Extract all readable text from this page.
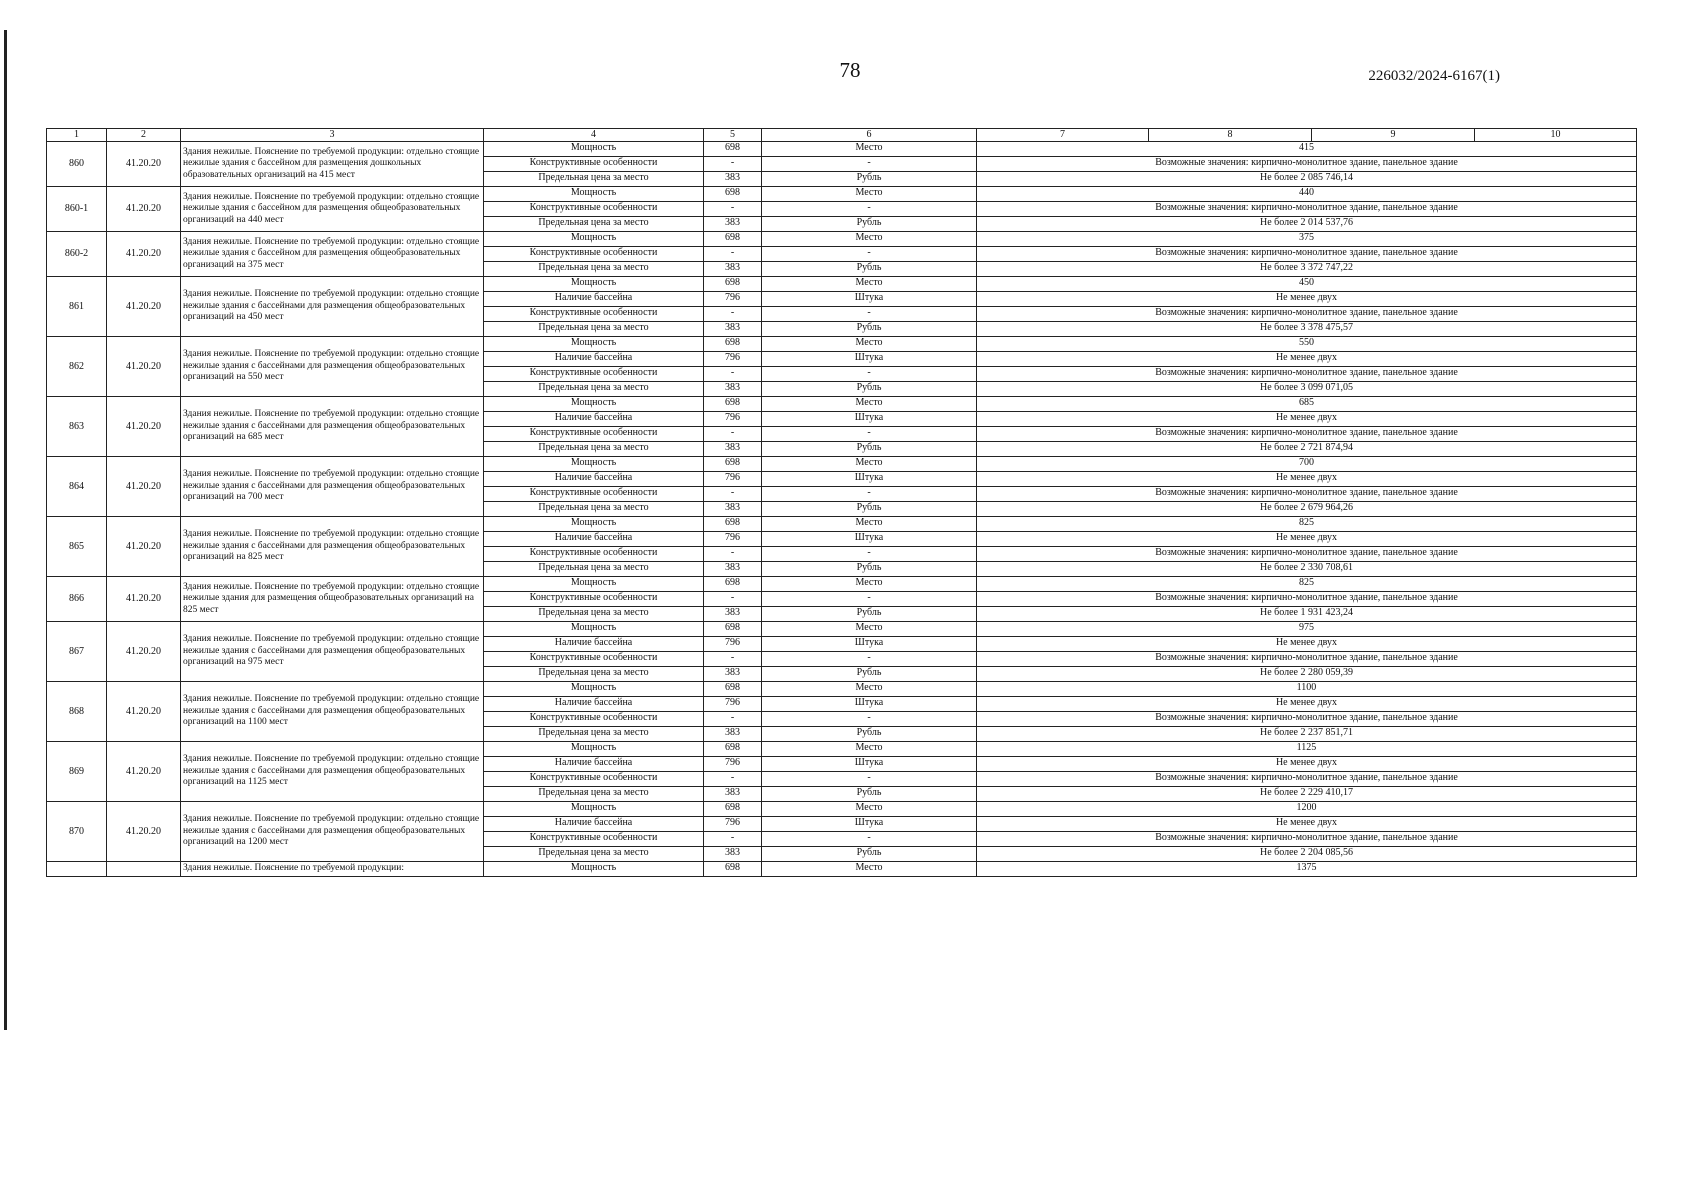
78	226032/2024-6167(1)
1	2	3	4	5	6	7	8	9	10
860	41.20.20	Здания нежилые. Пояснение по требуемой продукции: отдельно стоящие нежилые здания с бассейном для размещения дошкольных образовательных организаций на 415 мест	Мощность	698	Место	415			
			Конструктивные особенности	-	-	Возможные значения: кирпично-монолитное здание, панельное здание			
			Предельная цена за место	383	Рубль	Не более 2 085 746,14			
860-1	41.20.20	Здания нежилые. Пояснение по требуемой продукции: отдельно стоящие нежилые здания с бассейном для размещения общеобразовательных организаций на 440 мест	Мощность	698	Место	440			
			Конструктивные особенности	-	-	Возможные значения: кирпично-монолитное здание, панельное здание			
			Предельная цена за место	383	Рубль	Не более 2 014 537,76			
860-2	41.20.20	Здания нежилые. Пояснение по требуемой продукции: отдельно стоящие нежилые здания с бассейном для размещения общеобразовательных организаций на 375 мест	Мощность	698	Место	375			
			Конструктивные особенности	-	-	Возможные значения: кирпично-монолитное здание, панельное здание			
			Предельная цена за место	383	Рубль	Не более 3 372 747,22			
861	41.20.20	Здания нежилые. Пояснение по требуемой продукции: отдельно стоящие нежилые здания с бассейнами для размещения общеобразовательных организаций на 450 мест	Мощность	698	Место	450			
			Наличие бассейна	796	Штука	Не менее двух			
			Конструктивные особенности	-	-	Возможные значения: кирпично-монолитное здание, панельное здание			
			Предельная цена за место	383	Рубль	Не более 3 378 475,57			
862	41.20.20	Здания нежилые. Пояснение по требуемой продукции: отдельно стоящие нежилые здания с бассейнами для размещения общеобразовательных организаций на 550 мест	Мощность	698	Место	550			
			Наличие бассейна	796	Штука	Не менее двух			
			Конструктивные особенности	-	-	Возможные значения: кирпично-монолитное здание, панельное здание			
			Предельная цена за место	383	Рубль	Не более 3 099 071,05			
863	41.20.20	Здания нежилые. Пояснение по требуемой продукции: отдельно стоящие нежилые здания с бассейнами для размещения общеобразовательных организаций на 685 мест	Мощность	698	Место	685			
			Наличие бассейна	796	Штука	Не менее двух			
			Конструктивные особенности	-	-	Возможные значения: кирпично-монолитное здание, панельное здание			
			Предельная цена за место	383	Рубль	Не более 2 721 874,94			
864	41.20.20	Здания нежилые. Пояснение по требуемой продукции: отдельно стоящие нежилые здания с бассейнами для размещения общеобразовательных организаций на 700 мест	Мощность	698	Место	700			
			Наличие бассейна	796	Штука	Не менее двух			
			Конструктивные особенности	-	-	Возможные значения: кирпично-монолитное здание, панельное здание			
			Предельная цена за место	383	Рубль	Не более 2 679 964,26			
865	41.20.20	Здания нежилые. Пояснение по требуемой продукции: отдельно стоящие нежилые здания с бассейнами для размещения общеобразовательных организаций на 825 мест	Мощность	698	Место	825			
			Наличие бассейна	796	Штука	Не менее двух			
			Конструктивные особенности	-	-	Возможные значения: кирпично-монолитное здание, панельное здание			
			Предельная цена за место	383	Рубль	Не более 2 330 708,61			
866	41.20.20	Здания нежилые. Пояснение по требуемой продукции: отдельно стоящие нежилые здания для размещения общеобразовательных организаций на 825 мест	Мощность	698	Место	825			
			Конструктивные особенности	-	-	Возможные значения: кирпично-монолитное здание, панельное здание			
			Предельная цена за место	383	Рубль	Не более 1 931 423,24			
867	41.20.20	Здания нежилые. Пояснение по требуемой продукции: отдельно стоящие нежилые здания с бассейнами для размещения общеобразовательных организаций на 975 мест	Мощность	698	Место	975			
			Наличие бассейна	796	Штука	Не менее двух			
			Конструктивные особенности	-	-	Возможные значения: кирпично-монолитное здание, панельное здание			
			Предельная цена за место	383	Рубль	Не более 2 280 059,39			
868	41.20.20	Здания нежилые. Пояснение по требуемой продукции: отдельно стоящие нежилые здания с бассейнами для размещения общеобразовательных организаций на 1100 мест	Мощность	698	Место	1100			
			Наличие бассейна	796	Штука	Не менее двух			
			Конструктивные особенности	-	-	Возможные значения: кирпично-монолитное здание, панельное здание			
			Предельная цена за место	383	Рубль	Не более 2 237 851,71			
869	41.20.20	Здания нежилые. Пояснение по требуемой продукции: отдельно стоящие нежилые здания с бассейнами для размещения общеобразовательных организаций на 1125 мест	Мощность	698	Место	1125			
			Наличие бассейна	796	Штука	Не менее двух			
			Конструктивные особенности	-	-	Возможные значения: кирпично-монолитное здание, панельное здание			
			Предельная цена за место	383	Рубль	Не более 2 229 410,17			
870	41.20.20	Здания нежилые. Пояснение по требуемой продукции: отдельно стоящие нежилые здания с бассейнами для размещения общеобразовательных организаций на 1200 мест	Мощность	698	Место	1200			
			Наличие бассейна	796	Штука	Не менее двух			
			Конструктивные особенности	-	-	Возможные значения: кирпично-монолитное здание, панельное здание			
			Предельная цена за место	383	Рубль	Не более 2 204 085,56			
		Здания нежилые. Пояснение по требуемой продукции:	Мощность	698	Место	1375			
